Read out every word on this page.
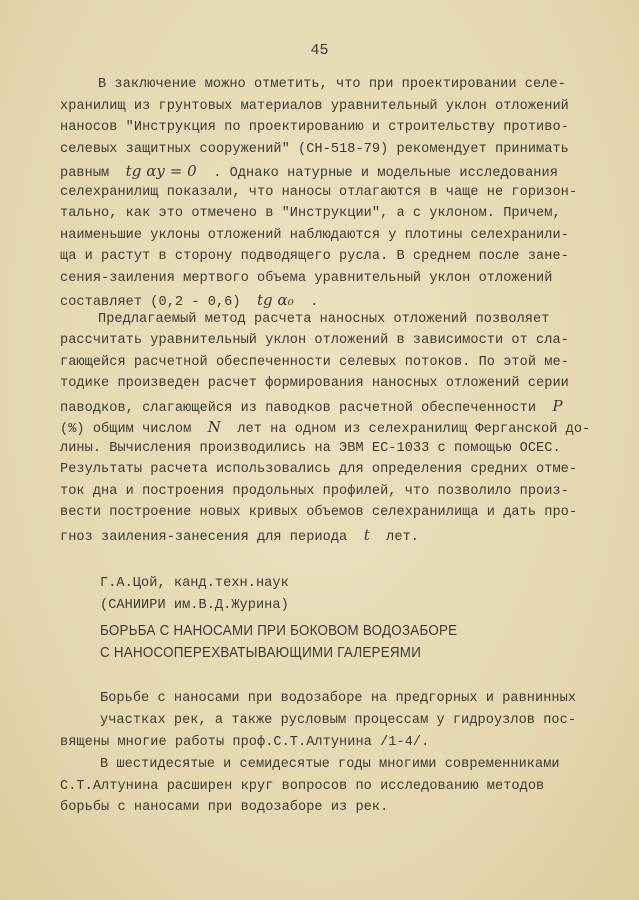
45
В заключение можно отметить, что при проектировании селе-
хранилищ из грунтовых материалов уравнительный уклон отложений
наносов "Инструкция по проектированию и строительству противо-
селевых защитных сооружений" (СН-518-79) рекомендует принимать
равным  tg αy = 0  . Однако натурные и модельные исследования
селехранилищ показали, что наносы отлагаются в чаще не горизон-
тально, как это отмечено в "Инструкции", а с уклоном. Причем,
наименьшие уклоны отложений наблюдаются у плотины селехранили-
ща и растут в сторону подводящего русла. В среднем после зане-
сения-заиления мертвого объема уравнительный уклон отложений
составляет (0,2 - 0,6)  tg α₀  .
Предлагаемый метод расчета наносных отложений позволяет
рассчитать уравнительный уклон отложений в зависимости от сла-
гающейся расчетной обеспеченности селевых потоков. По этой ме-
тодике произведен расчет формирования наносных отложений серии
паводков, слагающейся из паводков расчетной обеспеченности  P
(%) общим числом  N  лет на одном из селехранилищ Ферганской до-
лины. Вычисления производились на ЭВМ ЕС-1033 с помощью ОСЕС.
Результаты расчета использовались для определения средних отме-
ток дна и построения продольных профилей, что позволило произ-
вести построение новых кривых объемов селехранилища и дать про-
гноз заиления-занесения для периода  t  лет.
Г.А.Цой, канд.техн.наук
(САНИИРИ им.В.Д.Журина)
БОРЬБА С НАНОСАМИ ПРИ БОКОВОМ ВОДОЗАБОРЕ
С НАНОСОПЕРЕХВАТЫВАЮЩИМИ ГАЛЕРЕЯМИ
Борьбе с наносами при водозаборе на предгорных и равнинных
участках рек, а также русловым процессам у гидроузлов пос-
вящены многие работы проф.С.Т.Алтунина /1-4/.
В шестидесятые и семидесятые годы многими современниками
С.Т.Алтунина расширен круг вопросов по исследованию методов
борьбы с наносами при водозаборе из рек.
